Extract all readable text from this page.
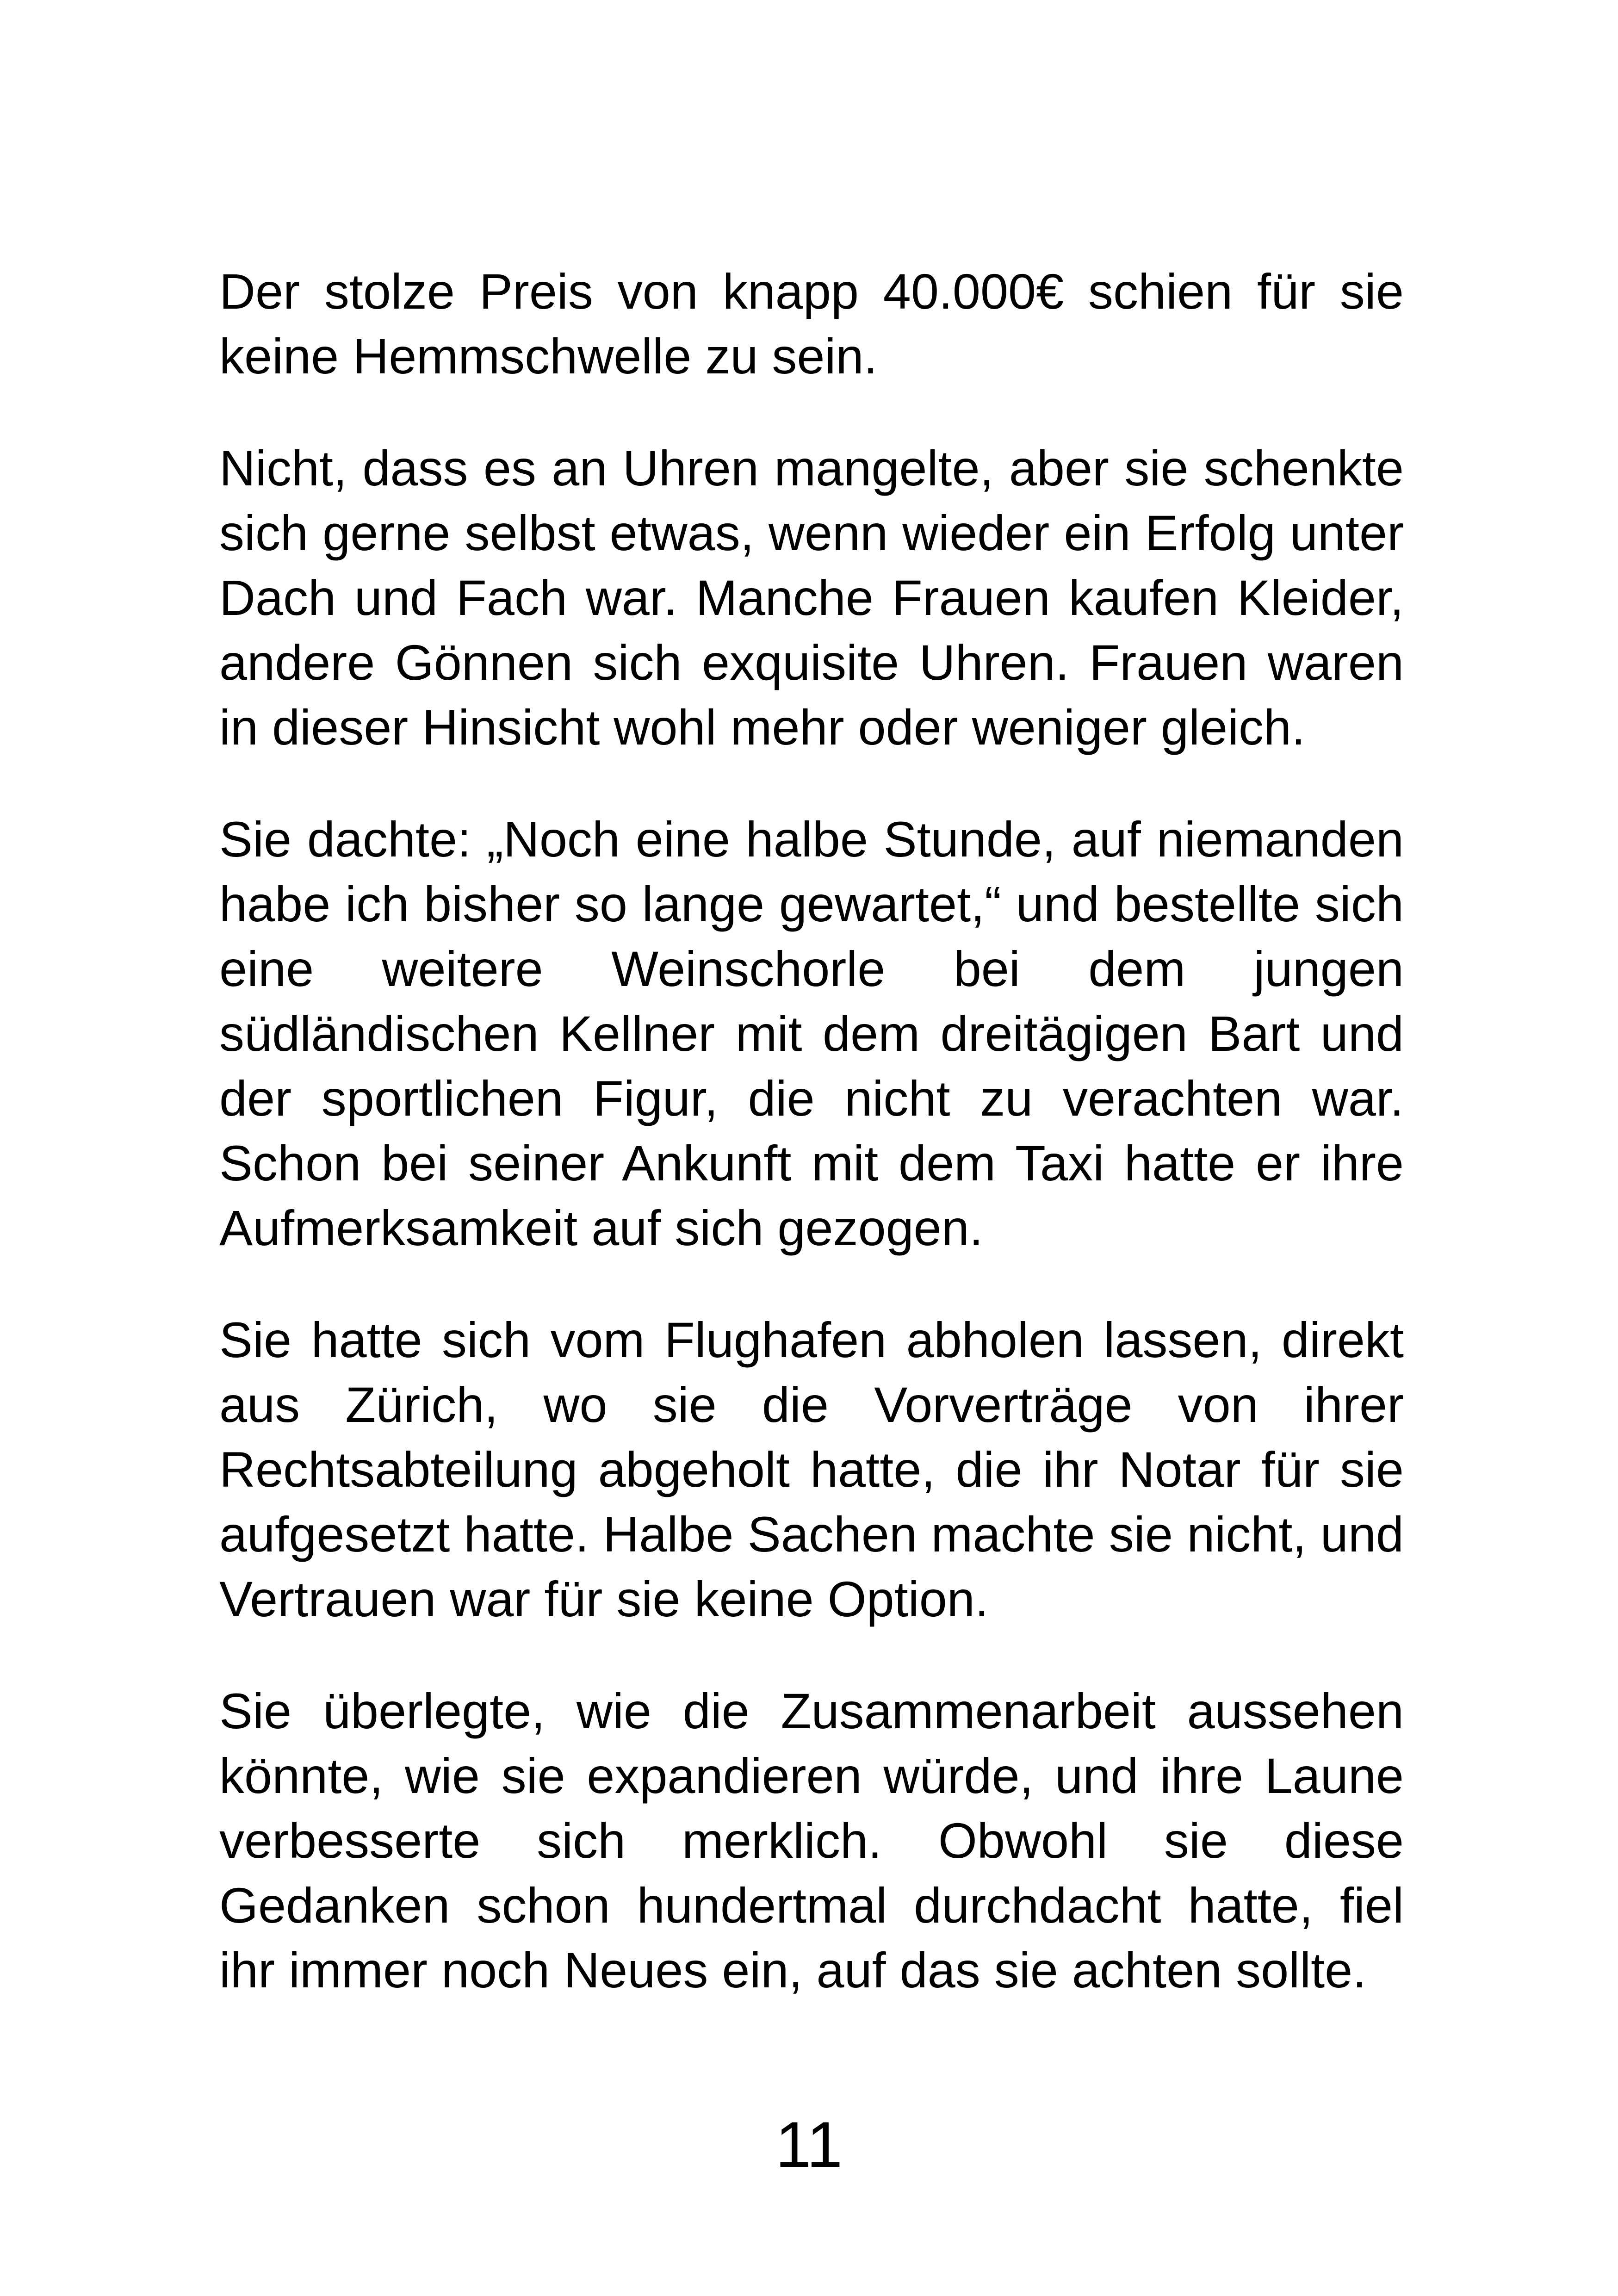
Der stolze Preis von knapp 40.000€ schien für sie keine Hemmschwelle zu sein.

Nicht, dass es an Uhren mangelte, aber sie schenkte sich gerne selbst etwas, wenn wieder ein Erfolg unter Dach und Fach war. Manche Frauen kaufen Kleider, andere Gönnen sich exquisite Uhren. Frauen waren in dieser Hinsicht wohl mehr oder weniger gleich.

Sie dachte: „Noch eine halbe Stunde, auf niemanden habe ich bisher so lange gewartet,“ und bestellte sich eine weitere Weinschorle bei dem jungen südländischen Kellner mit dem dreitägigen Bart und der sportlichen Figur, die nicht zu verachten war. Schon bei seiner Ankunft mit dem Taxi hatte er ihre Aufmerksamkeit auf sich gezogen.

Sie hatte sich vom Flughafen abholen lassen, direkt aus Zürich, wo sie die Vorverträge von ihrer Rechtsabteilung abgeholt hatte, die ihr Notar für sie aufgesetzt hatte. Halbe Sachen machte sie nicht, und Vertrauen war für sie keine Option.

Sie überlegte, wie die Zusammenarbeit aussehen könnte, wie sie expandieren würde, und ihre Laune verbesserte sich merklich. Obwohl sie diese Gedanken schon hundertmal durchdacht hatte, fiel ihr immer noch Neues ein, auf das sie achten sollte.

11
